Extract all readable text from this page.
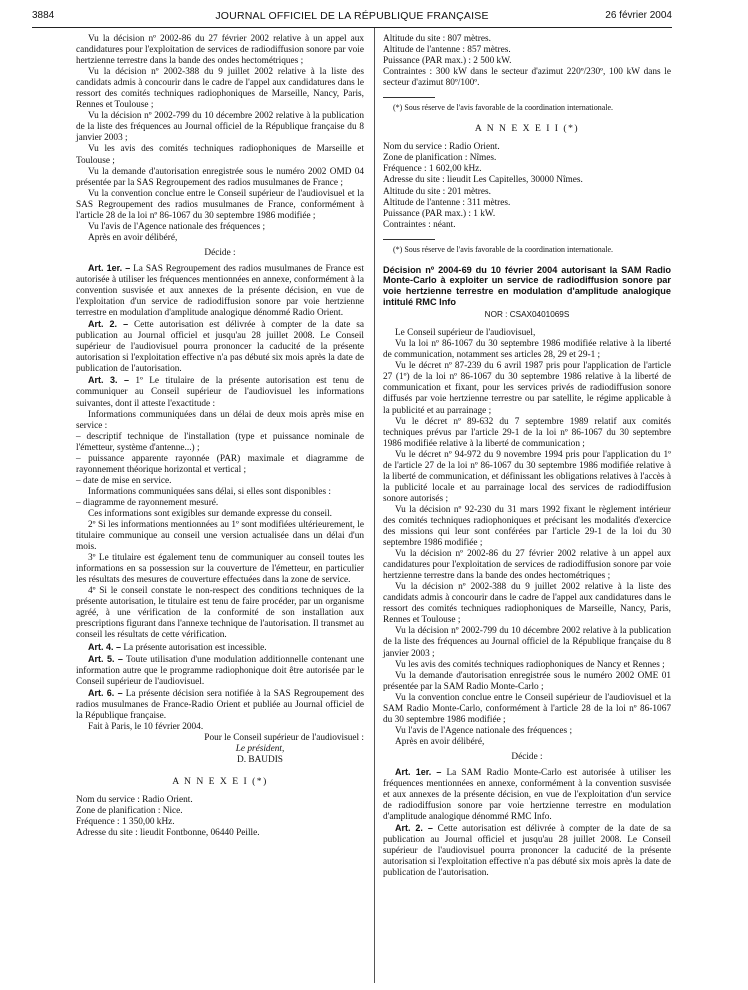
3884	JOURNAL OFFICIEL DE LA RÉPUBLIQUE FRANÇAISE	26 février 2004

Vu la décision nº 2002-86 du 27 février 2002 relative à un appel aux candidatures pour l'exploitation de services de radiodiffusion sonore par voie hertzienne terrestre dans la bande des ondes hectométriques ;

Vu la décision nº 2002-388 du 9 juillet 2002 relative à la liste des candidats admis à concourir dans le cadre de l'appel aux candidatures dans le ressort des comités techniques radiophoniques de Marseille, Nancy, Paris, Rennes et Toulouse ;

Vu la décision nº 2002-799 du 10 décembre 2002 relative à la publication de la liste des fréquences au Journal officiel de la République française du 8 janvier 2003 ;

Vu les avis des comités techniques radiophoniques de Marseille et Toulouse ;

Vu la demande d'autorisation enregistrée sous le numéro 2002 OMD 04 présentée par la SAS Regroupement des radios musulmanes de France ;

Vu la convention conclue entre le Conseil supérieur de l'audiovisuel et la SAS Regroupement des radios musulmanes de France, conformément à l'article 28 de la loi nº 86-1067 du 30 septembre 1986 modifiée ;

Vu l'avis de l'Agence nationale des fréquences ;

Après en avoir délibéré,

Décide :

Art. 1er. – La SAS Regroupement des radios musulmanes de France est autorisée à utiliser les fréquences mentionnées en annexe, conformément à la convention susvisée et aux annexes de la présente décision, en vue de l'exploitation d'un service de radiodiffusion sonore par voie hertzienne terrestre en modulation d'amplitude analogique dénommé Radio Orient.

Art. 2. – Cette autorisation est délivrée à compter de la date sa publication au Journal officiel et jusqu'au 28 juillet 2008. Le Conseil supérieur de l'audiovisuel pourra prononcer la caducité de la présente autorisation si l'exploitation effective n'a pas débuté six mois après la date de publication de l'autorisation.

Art. 3. – 1º Le titulaire de la présente autorisation est tenu de communiquer au Conseil supérieur de l'audiovisuel les informations suivantes, dont il atteste l'exactitude :

Informations communiquées dans un délai de deux mois après mise en service :

– descriptif technique de l'installation (type et puissance nominale de l'émetteur, système d'antenne...) ;

– puissance apparente rayonnée (PAR) maximale et diagramme de rayonnement théorique horizontal et vertical ;

– date de mise en service.

Informations communiquées sans délai, si elles sont disponibles :

– diagramme de rayonnement mesuré.

Ces informations sont exigibles sur demande expresse du conseil.

2º Si les informations mentionnées au 1º sont modifiées ultérieurement, le titulaire communique au conseil une version actualisée dans un délai d'un mois.

3º Le titulaire est également tenu de communiquer au conseil toutes les informations en sa possession sur la couverture de l'émetteur, en particulier les résultats des mesures de couverture effectuées dans la zone de service.

4º Si le conseil constate le non-respect des conditions techniques de la présente autorisation, le titulaire est tenu de faire procéder, par un organisme agréé, à une vérification de la conformité de son installation aux prescriptions figurant dans l'annexe technique de l'autorisation. Il transmet au conseil les résultats de cette vérification.

Art. 4. – La présente autorisation est incessible.

Art. 5. – Toute utilisation d'une modulation additionnelle contenant une information autre que le programme radiophonique doit être autorisée par le Conseil supérieur de l'audiovisuel.

Art. 6. – La présente décision sera notifiée à la SAS Regroupement des radios musulmanes de France-Radio Orient et publiée au Journal officiel de la République française.

Fait à Paris, le 10 février 2004.

Pour le Conseil supérieur de l'audiovisuel :

Le président,

D. BAUDIS

A N N E X E I (*)

Nom du service : Radio Orient.

Zone de planification : Nice.

Fréquence : 1 350,00 kHz.

Adresse du site : lieudit Fontbonne, 06440 Peille.

Altitude du site : 807 mètres.

Altitude de l'antenne : 857 mètres.

Puissance (PAR max.) : 2 500 kW.

Contraintes : 300 kW dans le secteur d'azimut 220º/230º, 100 kW dans le secteur d'azimut 80º/100º.

(*) Sous réserve de l'avis favorable de la coordination internationale.

A N N E X E I I (*)

Nom du service : Radio Orient.

Zone de planification : Nîmes.

Fréquence : 1 602,00 kHz.

Adresse du site : lieudit Les Capitelles, 30000 Nîmes.

Altitude du site : 201 mètres.

Altitude de l'antenne : 311 mètres.

Puissance (PAR max.) : 1 kW.

Contraintes : néant.

(*) Sous réserve de l'avis favorable de la coordination internationale.

Décision nº 2004-69 du 10 février 2004 autorisant la SAM Radio Monte-Carlo à exploiter un service de radiodiffusion sonore par voie hertzienne terrestre en modulation d'amplitude analogique intitulé RMC Info

NOR : CSAX0401069S

Le Conseil supérieur de l'audiovisuel,

Vu la loi nº 86-1067 du 30 septembre 1986 modifiée relative à la liberté de communication, notamment ses articles 28, 29 et 29-1 ;

Vu le décret nº 87-239 du 6 avril 1987 pris pour l'application de l'article 27 (1º) de la loi nº 86-1067 du 30 septembre 1986 relative à la liberté de communication et fixant, pour les services privés de radiodiffusion sonore diffusés par voie hertzienne terrestre ou par satellite, le régime applicable à la publicité et au parrainage ;

Vu le décret nº 89-632 du 7 septembre 1989 relatif aux comités techniques prévus par l'article 29-1 de la loi nº 86-1067 du 30 septembre 1986 modifiée relative à la liberté de communication ;

Vu le décret nº 94-972 du 9 novembre 1994 pris pour l'application du 1º de l'article 27 de la loi nº 86-1067 du 30 septembre 1986 modifiée relative à la liberté de communication, et définissant les obligations relatives à l'accès à la publicité locale et au parrainage local des services de radiodiffusion sonore autorisés ;

Vu la décision nº 92-230 du 31 mars 1992 fixant le règlement intérieur des comités techniques radiophoniques et précisant les modalités d'exercice des missions qui leur sont conférées par l'article 29-1 de la loi du 30 septembre 1986 modifiée ;

Vu la décision nº 2002-86 du 27 février 2002 relative à un appel aux candidatures pour l'exploitation de services de radiodiffusion sonore par voie hertzienne terrestre dans la bande des ondes hectométriques ;

Vu la décision nº 2002-388 du 9 juillet 2002 relative à la liste des candidats admis à concourir dans le cadre de l'appel aux candidatures dans le ressort des comités techniques radiophoniques de Marseille, Nancy, Paris, Rennes et Toulouse ;

Vu la décision nº 2002-799 du 10 décembre 2002 relative à la publication de la liste des fréquences au Journal officiel de la République française du 8 janvier 2003 ;

Vu les avis des comités techniques radiophoniques de Nancy et Rennes ;

Vu la demande d'autorisation enregistrée sous le numéro 2002 OME 01 présentée par la SAM Radio Monte-Carlo ;

Vu la convention conclue entre le Conseil supérieur de l'audiovisuel et la SAM Radio Monte-Carlo, conformément à l'article 28 de la loi nº 86-1067 du 30 septembre 1986 modifiée ;

Vu l'avis de l'Agence nationale des fréquences ;

Après en avoir délibéré,

Décide :

Art. 1er. – La SAM Radio Monte-Carlo est autorisée à utiliser les fréquences mentionnées en annexe, conformément à la convention susvisée et aux annexes de la présente décision, en vue de l'exploitation d'un service de radiodiffusion sonore par voie hertzienne terrestre en modulation d'amplitude analogique dénommé RMC Info.

Art. 2. – Cette autorisation est délivrée à compter de la date de sa publication au Journal officiel et jusqu'au 28 juillet 2008. Le Conseil supérieur de l'audiovisuel pourra prononcer la caducité de la présente autorisation si l'exploitation effective n'a pas débuté six mois après la date de publication de l'autorisation.
